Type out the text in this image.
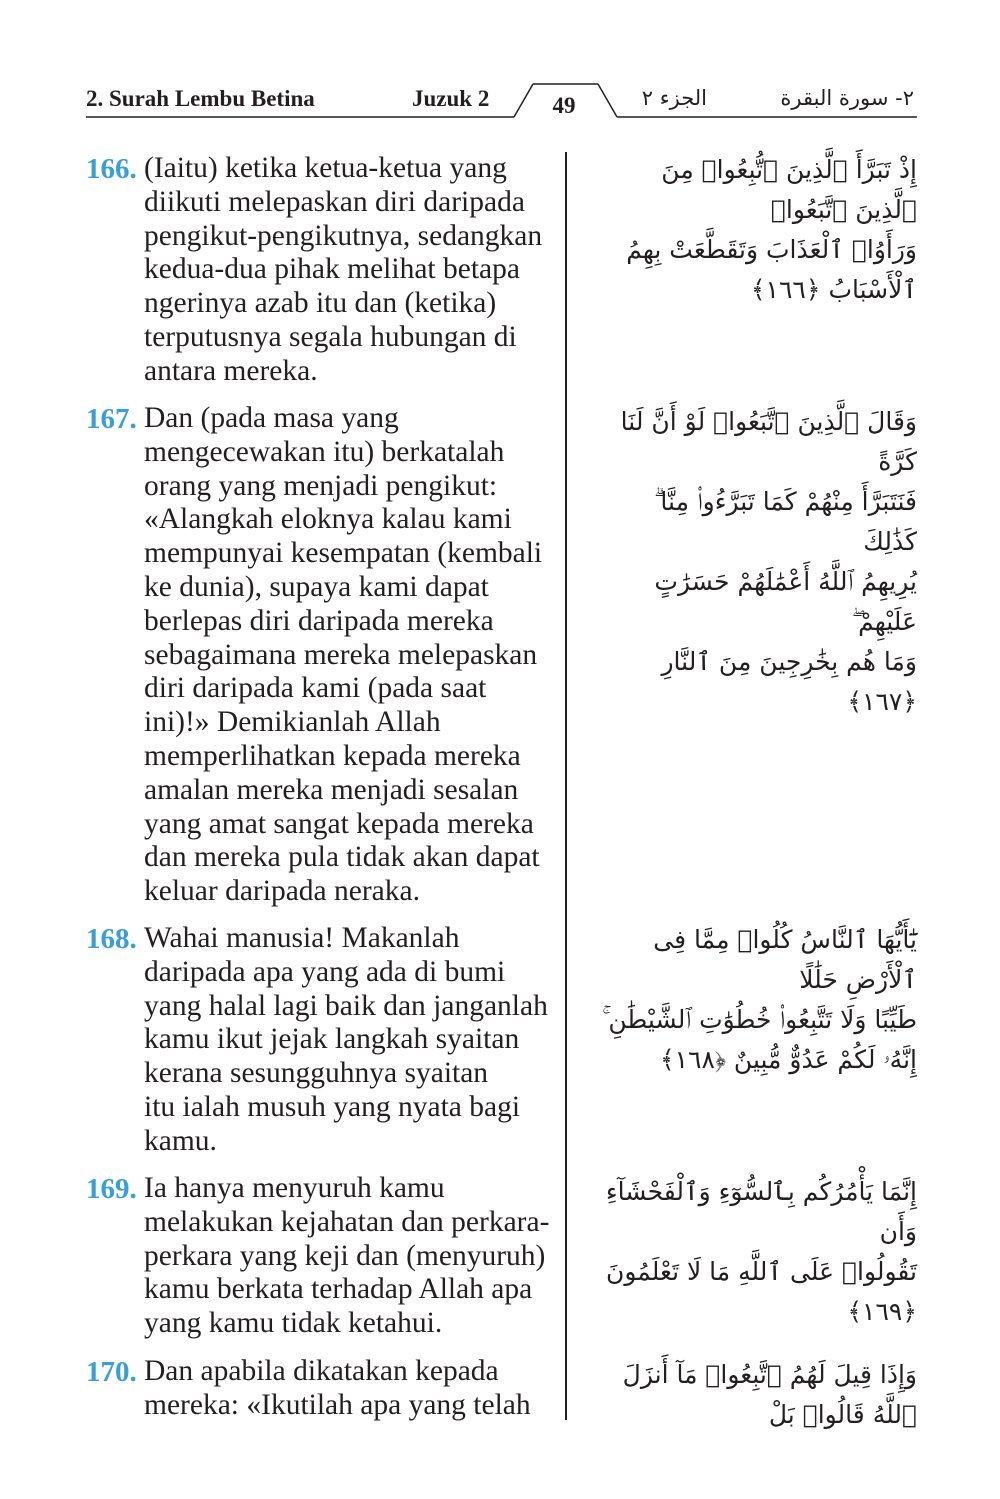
2. Surah Lembu Betina	Juzuk 2	49	الجزء ٢	٢- سورة البقرة
166. (Iaitu) ketika ketua-ketua yang
diikuti melepaskan diri daripada
pengikut-pengikutnya, sedangkan
kedua-dua pihak melihat betapa
ngerinya azab itu dan (ketika)
terputusnya segala hubungan di
antara mereka.
إِذْ تَبَرَّأَ ٱلَّذِينَ ٱتُّبِعُوا۟ مِنَ ٱلَّذِينَ ٱتَّبَعُوا۟
وَرَأَوُا۟ ٱلْعَذَابَ وَتَقَطَّعَتْ بِهِمُ
ٱلْأَسْبَابُ ﴿١٦٦﴾
167. Dan (pada masa yang
mengecewakan itu) berkatalah
orang yang menjadi pengikut:
«Alangkah eloknya kalau kami
mempunyai kesempatan (kembali
ke dunia), supaya kami dapat
berlepas diri daripada mereka
sebagaimana mereka melepaskan
diri daripada kami (pada saat
ini)!» Demikianlah Allah
memperlihatkan kepada mereka
amalan mereka menjadi sesalan
yang amat sangat kepada mereka
dan mereka pula tidak akan dapat
keluar daripada neraka.
وَقَالَ ٱلَّذِينَ ٱتَّبَعُوا۟ لَوْ أَنَّ لَنَا كَرَّةً
فَنَتَبَرَّأَ مِنْهُمْ كَمَا تَبَرَّءُوا۟ مِنَّا ۗ كَذَٰلِكَ
يُرِيهِمُ ٱللَّهُ أَعْمَٰلَهُمْ حَسَرَٰتٍ عَلَيْهِمْ ۖ
وَمَا هُم بِخَٰرِجِينَ مِنَ ٱلنَّارِ ﴿١٦٧﴾
168. Wahai manusia! Makanlah
daripada apa yang ada di bumi
yang halal lagi baik dan janganlah
kamu ikut jejak langkah syaitan
kerana sesungguhnya syaitan
itu ialah musuh yang nyata bagi
kamu.
يَٰٓأَيُّهَا ٱلنَّاسُ كُلُوا۟ مِمَّا فِى ٱلْأَرْضِ حَلَٰلًا
طَيِّبًا وَلَا تَتَّبِعُوا۟ خُطُوَٰتِ ٱلشَّيْطَٰنِ ۚ
إِنَّهُۥ لَكُمْ عَدُوٌّ مُّبِينٌ ﴿١٦٨﴾
169. Ia hanya menyuruh kamu
melakukan kejahatan dan perkara-
perkara yang keji dan (menyuruh)
kamu berkata terhadap Allah apa
yang kamu tidak ketahui.
إِنَّمَا يَأْمُرُكُم بِٱلسُّوٓءِ وَٱلْفَحْشَآءِ وَأَن
تَقُولُوا۟ عَلَى ٱللَّهِ مَا لَا تَعْلَمُونَ ﴿١٦٩﴾
170. Dan apabila dikatakan kepada
mereka: «Ikutilah apa yang telah
وَإِذَا قِيلَ لَهُمُ ٱتَّبِعُوا۟ مَآ أَنزَلَ ٱللَّهُ قَالُوا۟ بَلْ
